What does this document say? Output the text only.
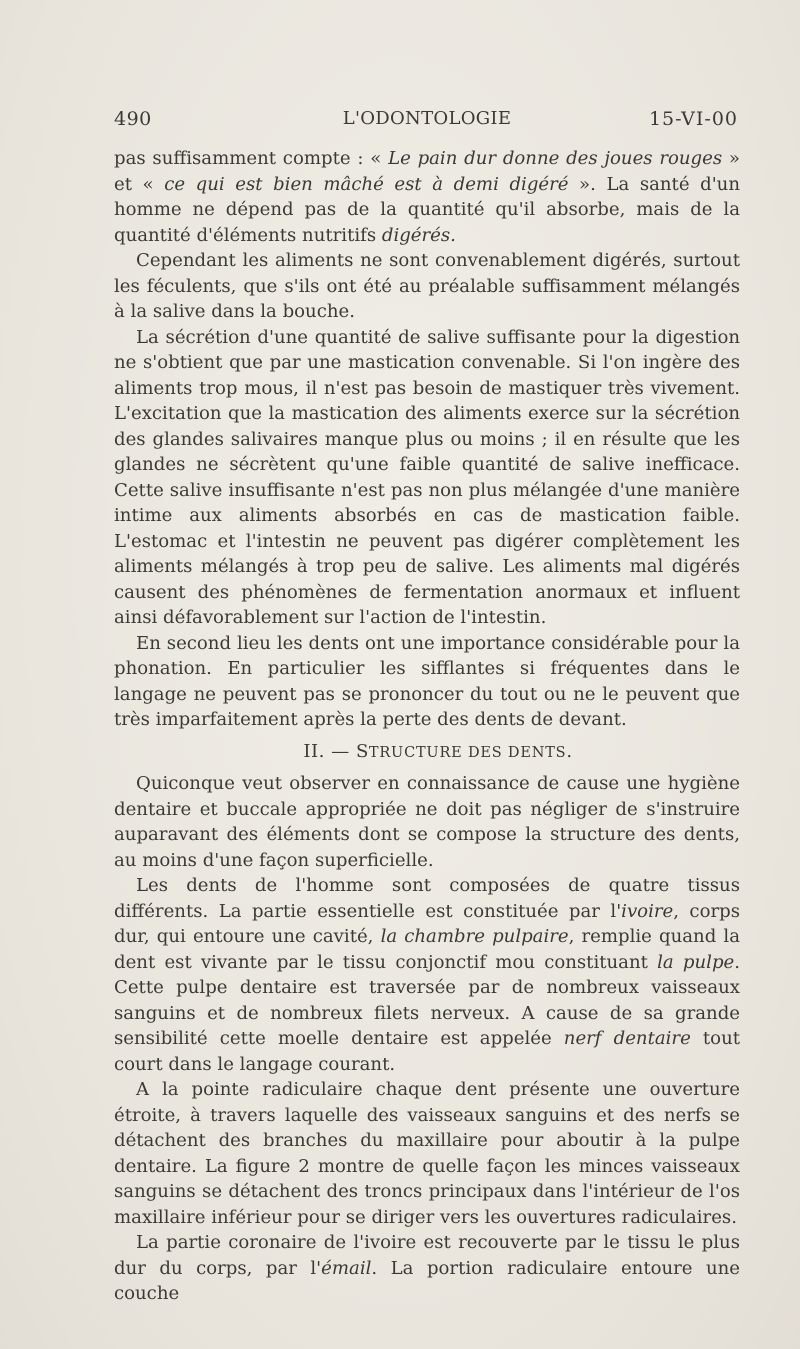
490	L'ODONTOLOGIE	15-VI-00

pas suffisamment compte : « Le pain dur donne des joues rouges » et « ce qui est bien mâché est à demi digéré ». La santé d'un homme ne dépend pas de la quantité qu'il absorbe, mais de la quantité d'éléments nutritifs digérés.

Cependant les aliments ne sont convenablement digérés, surtout les féculents, que s'ils ont été au préalable suffisamment mélangés à la salive dans la bouche.

La sécrétion d'une quantité de salive suffisante pour la digestion ne s'obtient que par une mastication convenable. Si l'on ingère des aliments trop mous, il n'est pas besoin de mastiquer très vivement. L'excitation que la mastication des aliments exerce sur la sécrétion des glandes salivaires manque plus ou moins ; il en résulte que les glandes ne sécrètent qu'une faible quantité de salive inefficace. Cette salive insuffisante n'est pas non plus mélangée d'une manière intime aux aliments absorbés en cas de mastication faible. L'estomac et l'intestin ne peuvent pas digérer complètement les aliments mélangés à trop peu de salive. Les aliments mal digérés causent des phénomènes de fermentation anormaux et influent ainsi défavorablement sur l'action de l'intestin.

En second lieu les dents ont une importance considérable pour la phonation. En particulier les sifflantes si fréquentes dans le langage ne peuvent pas se prononcer du tout ou ne le peuvent que très imparfaitement après la perte des dents de devant.

II. — STRUCTURE DES DENTS.

Quiconque veut observer en connaissance de cause une hygiène dentaire et buccale appropriée ne doit pas négliger de s'instruire auparavant des éléments dont se compose la structure des dents, au moins d'une façon superficielle.

Les dents de l'homme sont composées de quatre tissus différents. La partie essentielle est constituée par l'ivoire, corps dur, qui entoure une cavité, la chambre pulpaire, remplie quand la dent est vivante par le tissu conjonctif mou constituant la pulpe. Cette pulpe dentaire est traversée par de nombreux vaisseaux sanguins et de nombreux filets nerveux. A cause de sa grande sensibilité cette moelle dentaire est appelée nerf dentaire tout court dans le langage courant.

A la pointe radiculaire chaque dent présente une ouverture étroite, à travers laquelle des vaisseaux sanguins et des nerfs se détachent des branches du maxillaire pour aboutir à la pulpe dentaire. La figure 2 montre de quelle façon les minces vaisseaux sanguins se détachent des troncs principaux dans l'intérieur de l'os maxillaire inférieur pour se diriger vers les ouvertures radiculaires.

La partie coronaire de l'ivoire est recouverte par le tissu le plus dur du corps, par l'émail. La portion radiculaire entoure une couche
